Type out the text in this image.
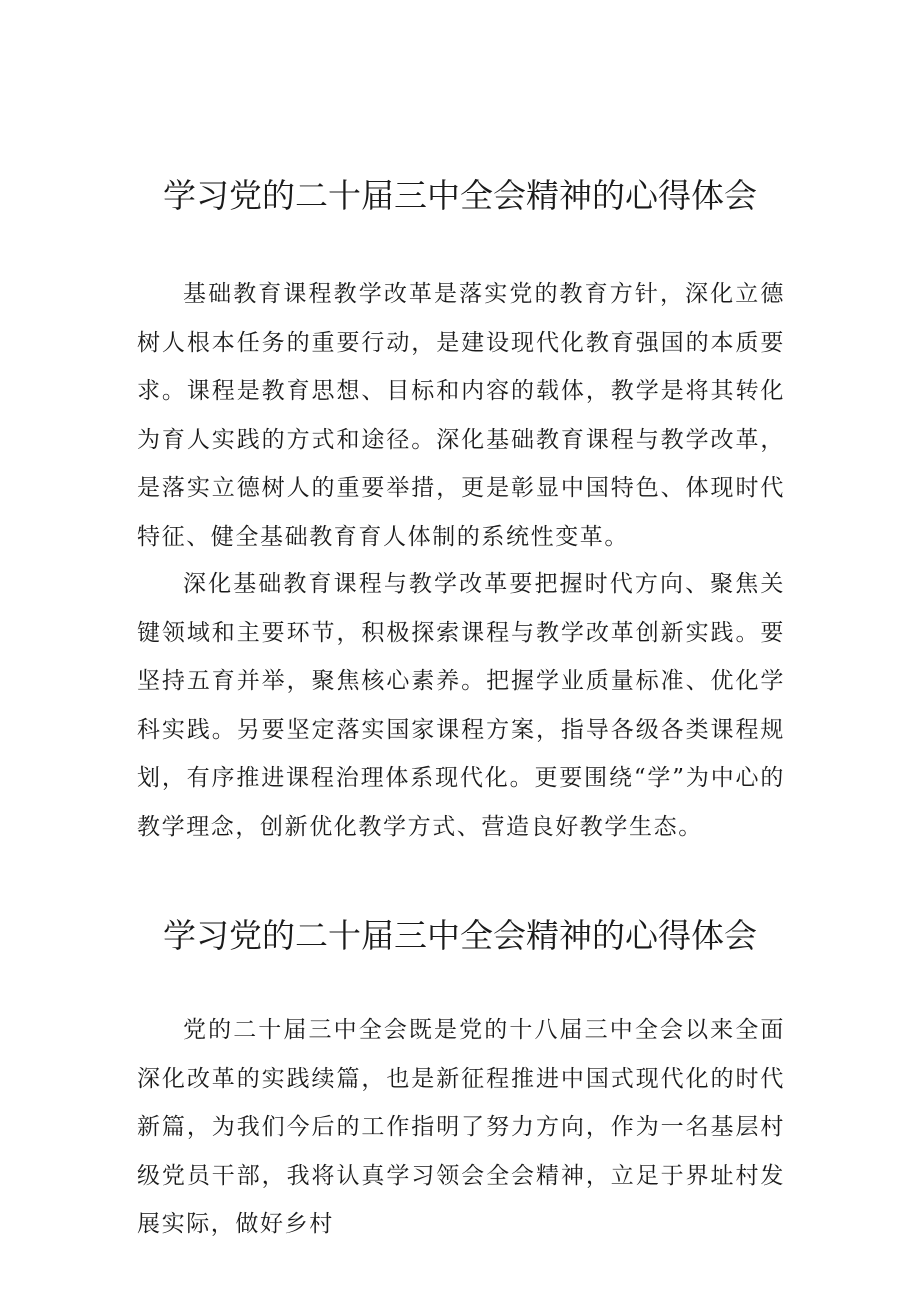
学习党的二十届三中全会精神的心得体会

基础教育课程教学改革是落实党的教育方针，深化立德树人根本任务的重要行动，是建设现代化教育强国的本质要求。课程是教育思想、目标和内容的载体，教学是将其转化为育人实践的方式和途径。深化基础教育课程与教学改革，是落实立德树人的重要举措，更是彰显中国特色、体现时代特征、健全基础教育育人体制的系统性变革。

深化基础教育课程与教学改革要把握时代方向、聚焦关键领域和主要环节，积极探索课程与教学改革创新实践。要坚持五育并举，聚焦核心素养。把握学业质量标准、优化学科实践。另要坚定落实国家课程方案，指导各级各类课程规划，有序推进课程治理体系现代化。更要围绕“学”为中心的教学理念，创新优化教学方式、营造良好教学生态。

学习党的二十届三中全会精神的心得体会

党的二十届三中全会既是党的十八届三中全会以来全面深化改革的实践续篇，也是新征程推进中国式现代化的时代新篇，为我们今后的工作指明了努力方向，作为一名基层村级党员干部，我将认真学习领会全会精神，立足于界址村发展实际，做好乡村
